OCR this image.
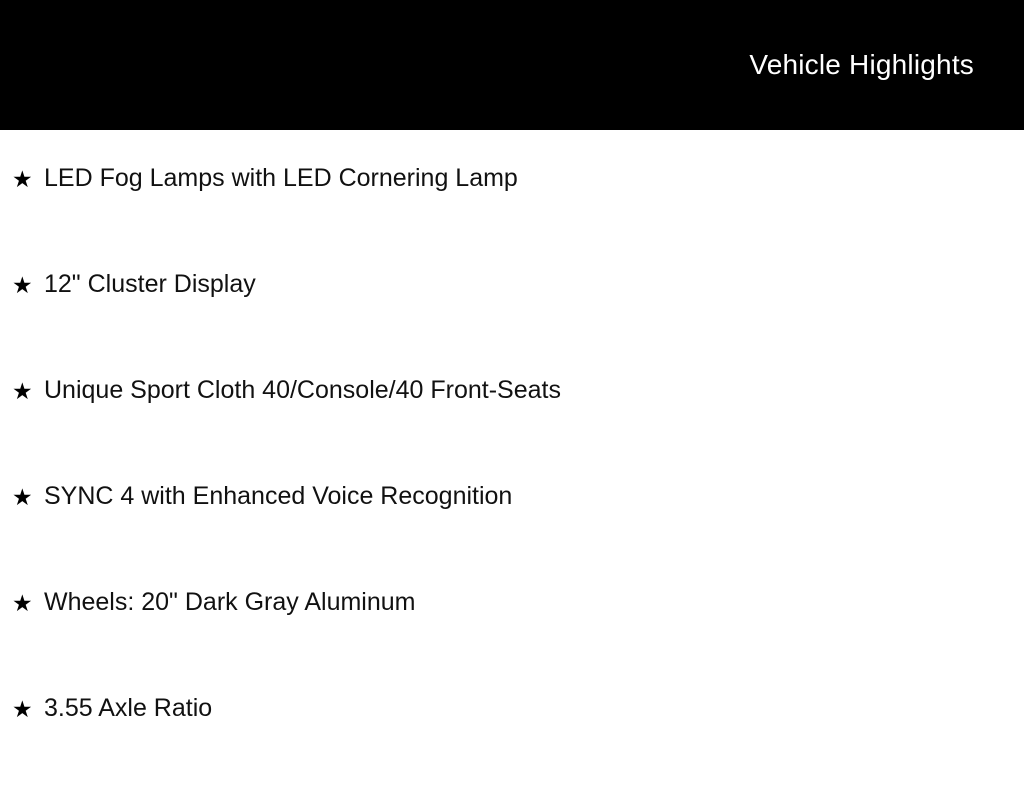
Vehicle Highlights
★ LED Fog Lamps with LED Cornering Lamp
★ 12" Cluster Display
★ Unique Sport Cloth 40/Console/40 Front-Seats
★ SYNC 4 with Enhanced Voice Recognition
★ Wheels: 20" Dark Gray Aluminum
★ 3.55 Axle Ratio
